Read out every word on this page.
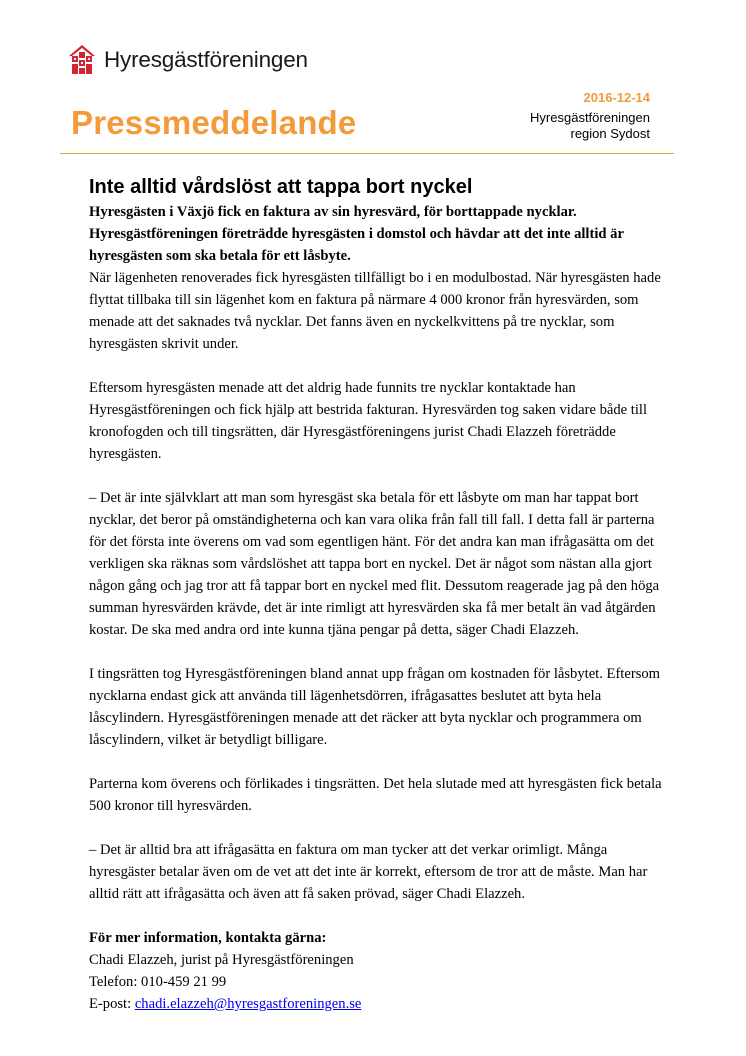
Hyresgästföreningen
Pressmeddelande
2016-12-14
Hyresgästföreningen
region Sydost
Inte alltid vårdslöst att tappa bort nyckel

Hyresgästen i Växjö fick en faktura av sin hyresvärd, för borttappade nycklar. Hyresgästföreningen företrädde hyresgästen i domstol och hävdar att det inte alltid är hyresgästen som ska betala för ett låsbyte.

När lägenheten renoverades fick hyresgästen tillfälligt bo i en modulbostad. När hyresgästen hade flyttat tillbaka till sin lägenhet kom en faktura på närmare 4 000 kronor från hyresvärden, som menade att det saknades två nycklar. Det fanns även en nyckelkvittens på tre nycklar, som hyresgästen skrivit under.

Eftersom hyresgästen menade att det aldrig hade funnits tre nycklar kontaktade han Hyresgästföreningen och fick hjälp att bestrida fakturan. Hyresvärden tog saken vidare både till kronofogden och till tingsrätten, där Hyresgästföreningens jurist Chadi Elazzeh företrädde hyresgästen.

– Det är inte självklart att man som hyresgäst ska betala för ett låsbyte om man har tappat bort nycklar, det beror på omständigheterna och kan vara olika från fall till fall. I detta fall är parterna för det första inte överens om vad som egentligen hänt. För det andra kan man ifrågasätta om det verkligen ska räknas som vårdslöshet att tappa bort en nyckel. Det är något som nästan alla gjort någon gång och jag tror att få tappar bort en nyckel med flit. Dessutom reagerade jag på den höga summan hyresvärden krävde, det är inte rimligt att hyresvärden ska få mer betalt än vad åtgärden kostar. De ska med andra ord inte kunna tjäna pengar på detta, säger Chadi Elazzeh.

I tingsrätten tog Hyresgästföreningen bland annat upp frågan om kostnaden för låsbytet. Eftersom nycklarna endast gick att använda till lägenhetsdörren, ifrågasattes beslutet att byta hela låscylindern. Hyresgästföreningen menade att det räcker att byta nycklar och programmera om låscylindern, vilket är betydligt billigare.

Parterna kom överens och förlikades i tingsrätten. Det hela slutade med att hyresgästen fick betala 500 kronor till hyresvärden.

– Det är alltid bra att ifrågasätta en faktura om man tycker att det verkar orimligt. Många hyresgäster betalar även om de vet att det inte är korrekt, eftersom de tror att de måste. Man har alltid rätt att ifrågasätta och även att få saken prövad, säger Chadi Elazzeh.

För mer information, kontakta gärna:
Chadi Elazzeh, jurist på Hyresgästföreningen
Telefon: 010-459 21 99
E-post: chadi.elazzeh@hyresgastforeningen.se
